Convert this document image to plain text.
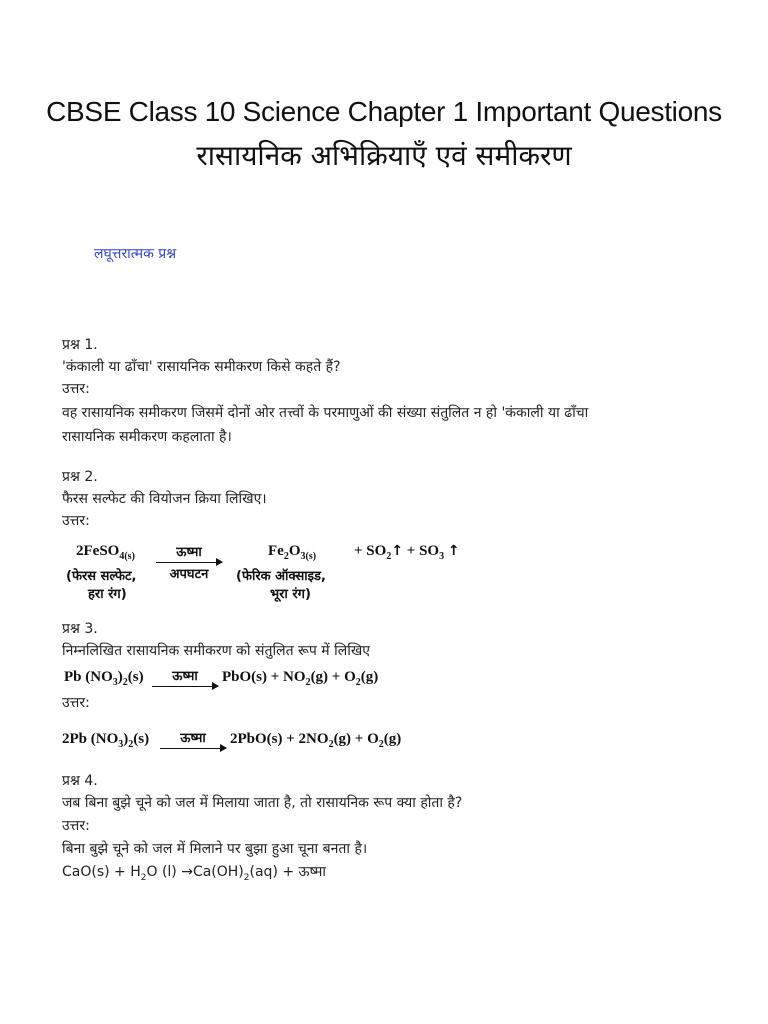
CBSE Class 10 Science Chapter 1 Important Questions
रासायनिक अभिक्रियाएँ एवं समीकरण
लघूत्तरात्मक प्रश्न
प्रश्न 1.
'कंकाली या ढाँचा' रासायनिक समीकरण किसे कहते हैं?
उत्तर:
वह रासायनिक समीकरण जिसमें दोनों ओर तत्त्वों के परमाणुओं की संख्या संतुलित न हो 'कंकाली या ढाँचा
रासायनिक समीकरण कहलाता है।
प्रश्न 2.
फैरस सल्फेट की वियोजन क्रिया लिखिए।
उत्तर:
2FeSO$_{4(s)}$	ऊष्मा
अपघटन
$Fe_2O_{3(s)}$	+ $SO_2↑ + SO_3$ ↑
(फेरस सल्फेट,
हरा रंग)
(फेरिक ऑक्साइड,
भूरा रंग)
प्रश्न 3.
निम्नलिखित रासायनिक समीकरण को संतुलित रूप में लिखिए
Pb $(NO_3)_2(s)$	ऊष्मा	$PbO(s) + NO_2(g) + O_2(g)$
उत्तर:
2Pb $(NO_3)_2(s)$	ऊष्मा	$2PbO(s) + 2NO_2(g) + O_2(g)$
प्रश्न 4.
जब बिना बुझे चूने को जल में मिलाया जाता है, तो रासायनिक रूप क्या होता है?
उत्तर:
बिना बुझे चूने को जल में मिलाने पर बुझा हुआ चूना बनता है।
$CaO(s) + H_2O$ $(l) \to Ca(OH)_2(aq)$ + ऊष्मा
